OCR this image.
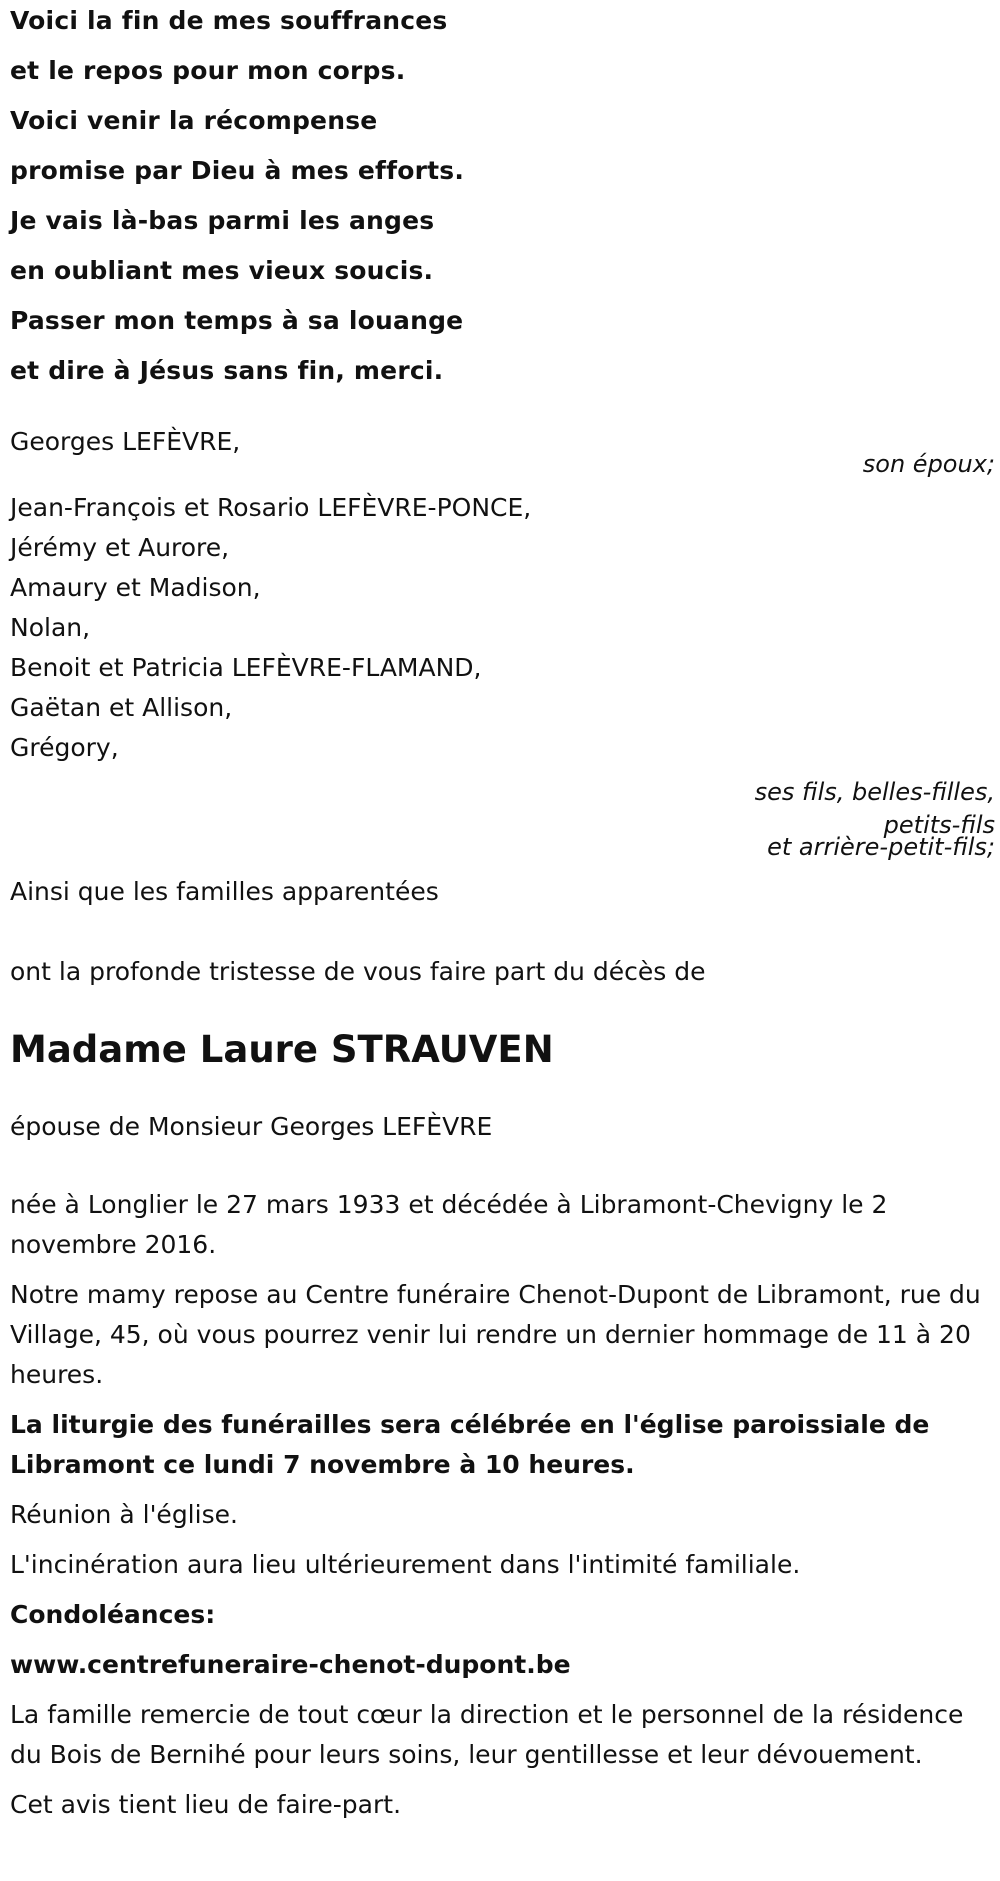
Voici la fin de mes souffrances

et le repos pour mon corps.

Voici venir la récompense

promise par Dieu à mes efforts.

Je vais là-bas parmi les anges

en oubliant mes vieux soucis.

Passer mon temps à sa louange

et dire à Jésus sans fin, merci.

Georges LEFÈVRE,

son époux;

Jean-François et Rosario LEFÈVRE-PONCE,

Jérémy et Aurore,

Amaury et Madison,

Nolan,

Benoit et Patricia LEFÈVRE-FLAMAND,

Gaëtan et Allison,

Grégory,

ses fils, belles-filles,

petits-fils

et arrière-petit-fils;

Ainsi que les familles apparentées

ont la profonde tristesse de vous faire part du décès de

Madame Laure STRAUVEN

épouse de Monsieur Georges LEFÈVRE

née à Longlier le 27 mars 1933 et décédée à Libramont-Chevigny le 2 novembre 2016.

Notre mamy repose au Centre funéraire Chenot-Dupont de Libramont, rue du Village, 45, où vous pourrez venir lui rendre un dernier hommage de 11 à 20 heures.

La liturgie des funérailles sera célébrée en l'église paroissiale de Libramont ce lundi 7 novembre à 10 heures.

Réunion à l'église.

L'incinération aura lieu ultérieurement dans l'intimité familiale.

Condoléances:

www.centrefuneraire-chenot-dupont.be

La famille remercie de tout cœur la direction et le personnel de la résidence du Bois de Bernihé pour leurs soins, leur gentillesse et leur dévouement.

Cet avis tient lieu de faire-part.
